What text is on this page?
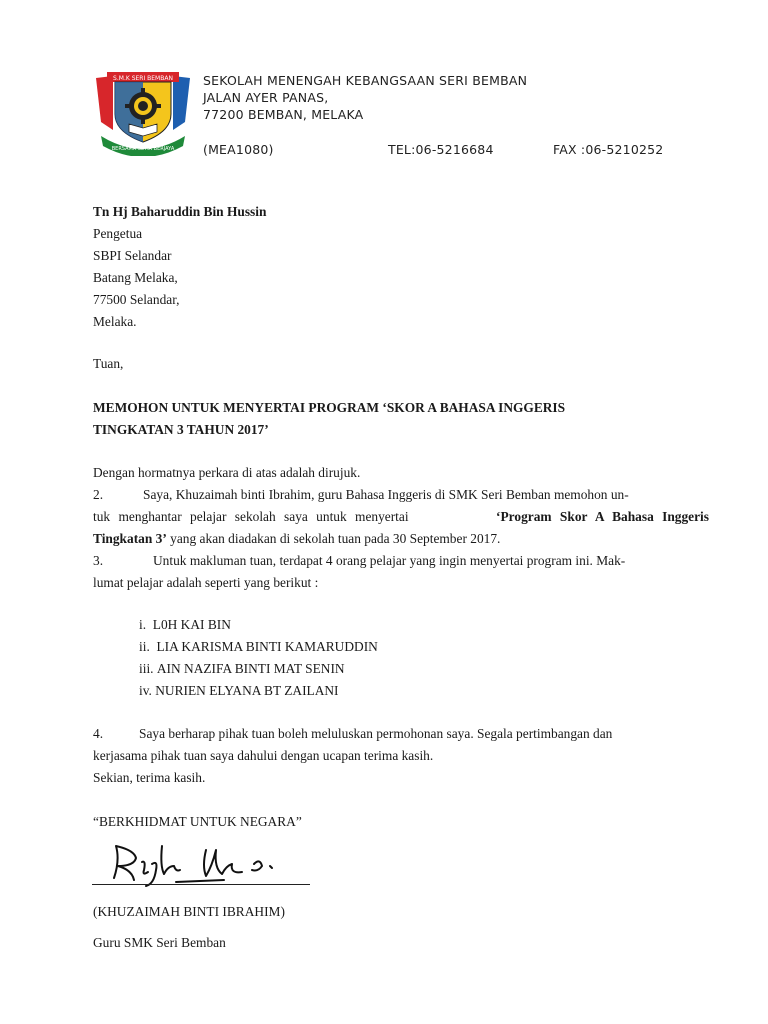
S.M.K SERI BEMBAN
BERSAMA SETIA BERJAYA
SEKOLAH MENENGAH KEBANGSAAN SERI BEMBAN
JALAN AYER PANAS,
77200 BEMBAN, MELAKA
(MEA1080)	TEL:06-5216684	FAX :06-5210252
Tn Hj Baharuddin Bin Hussin
Pengetua
SBPI Selandar
Batang Melaka,
77500 Selandar,
Melaka.
Tuan,
MEMOHON UNTUK MENYERTAI PROGRAM ‘SKOR A BAHASA INGGERIS
TINGKATAN 3 TAHUN 2017’
Dengan hormatnya perkara di atas adalah dirujuk.
2.	Saya, Khuzaimah binti Ibrahim, guru Bahasa Inggeris di SMK Seri Bemban memohon un-
tuk menghantar pelajar sekolah saya untuk menyertai	‘Program Skor A Bahasa Inggeris
Tingkatan 3’ yang akan diadakan di sekolah tuan pada 30 September 2017.
3.	Untuk makluman tuan, terdapat 4 orang pelajar yang ingin menyertai program ini. Mak-
lumat pelajar adalah seperti yang berikut :
i. L0H KAI BIN
ii. LIA KARISMA BINTI KAMARUDDIN
iii. AIN NAZIFA BINTI MAT SENIN
iv. NURIEN ELYANA BT ZAILANI
4.	Saya berharap pihak tuan boleh meluluskan permohonan saya. Segala pertimbangan dan
kerjasama pihak tuan saya dahului dengan ucapan terima kasih.
Sekian, terima kasih.
“BERKHIDMAT UNTUK NEGARA”
(KHUZAIMAH BINTI IBRAHIM)
Guru SMK Seri Bemban
